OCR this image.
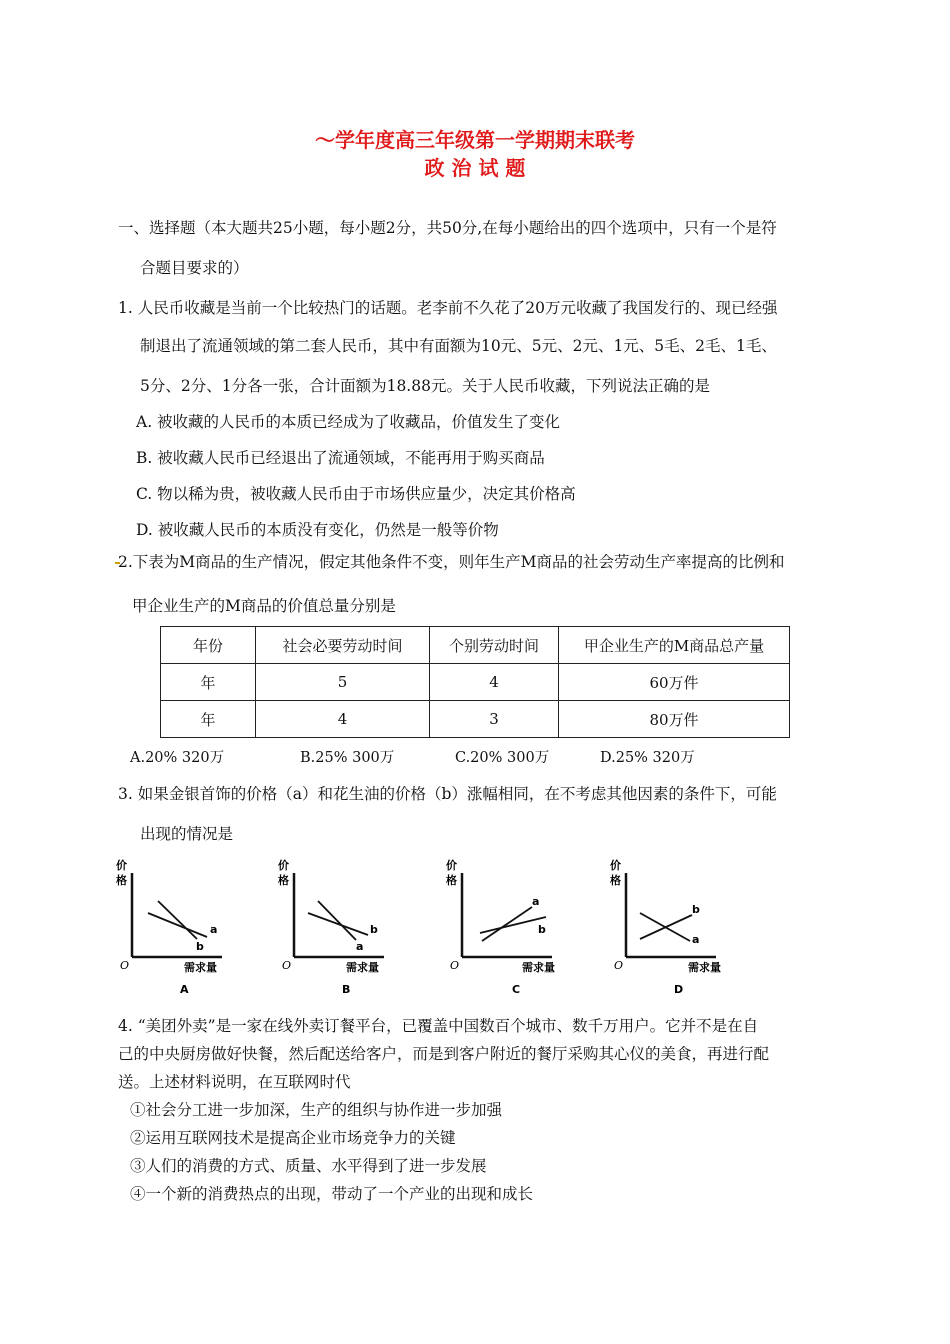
～学年度高三年级第一学期期末联考
政 治 试 题
一、选择题（本大题共25小题，每小题2分，共50分,在每小题给出的四个选项中，只有一个是符
合题目要求的）
1. 人民币收藏是当前一个比较热门的话题。老李前不久花了20万元收藏了我国发行的、现已经强
制退出了流通领域的第二套人民币，其中有面额为10元、5元、2元、1元、5毛、2毛、1毛、
5分、2分、1分各一张，合计面额为18.88元。关于人民币收藏，下列说法正确的是
A. 被收藏的人民币的本质已经成为了收藏品，价值发生了变化
B. 被收藏人民币已经退出了流通领域，不能再用于购买商品
C. 物以稀为贵，被收藏人民币由于市场供应量少，决定其价格高
D. 被收藏人民币的本质没有变化，仍然是一般等价物
2.下表为M商品的生产情况，假定其他条件不变，则年生产M商品的社会劳动生产率提高的比例和
甲企业生产的M商品的价值总量分别是
年份	社会必要劳动时间	个别劳动时间	甲企业生产的M商品总产量
年	5	4	60万件
年	4	3	80万件
A.20% 320万	B.25% 300万	C.20% 300万	D.25% 320万
3. 如果金银首饰的价格（a）和花生油的价格（b）涨幅相同，在不考虑其他因素的条件下，可能
出现的情况是
价
格
a
b
O	需求量
A
价
格
b
a
O	需求量
B
价
格
a
b
O	需求量
C
价
格
b
a
O	需求量
D
4. “美团外卖”是一家在线外卖订餐平台，已覆盖中国数百个城市、数千万用户。它并不是在自
己的中央厨房做好快餐，然后配送给客户，而是到客户附近的餐厅采购其心仪的美食，再进行配
送。上述材料说明，在互联网时代
①社会分工进一步加深，生产的组织与协作进一步加强
②运用互联网技术是提高企业市场竞争力的关键
③人们的消费的方式、质量、水平得到了进一步发展
④一个新的消费热点的出现，带动了一个产业的出现和成长
